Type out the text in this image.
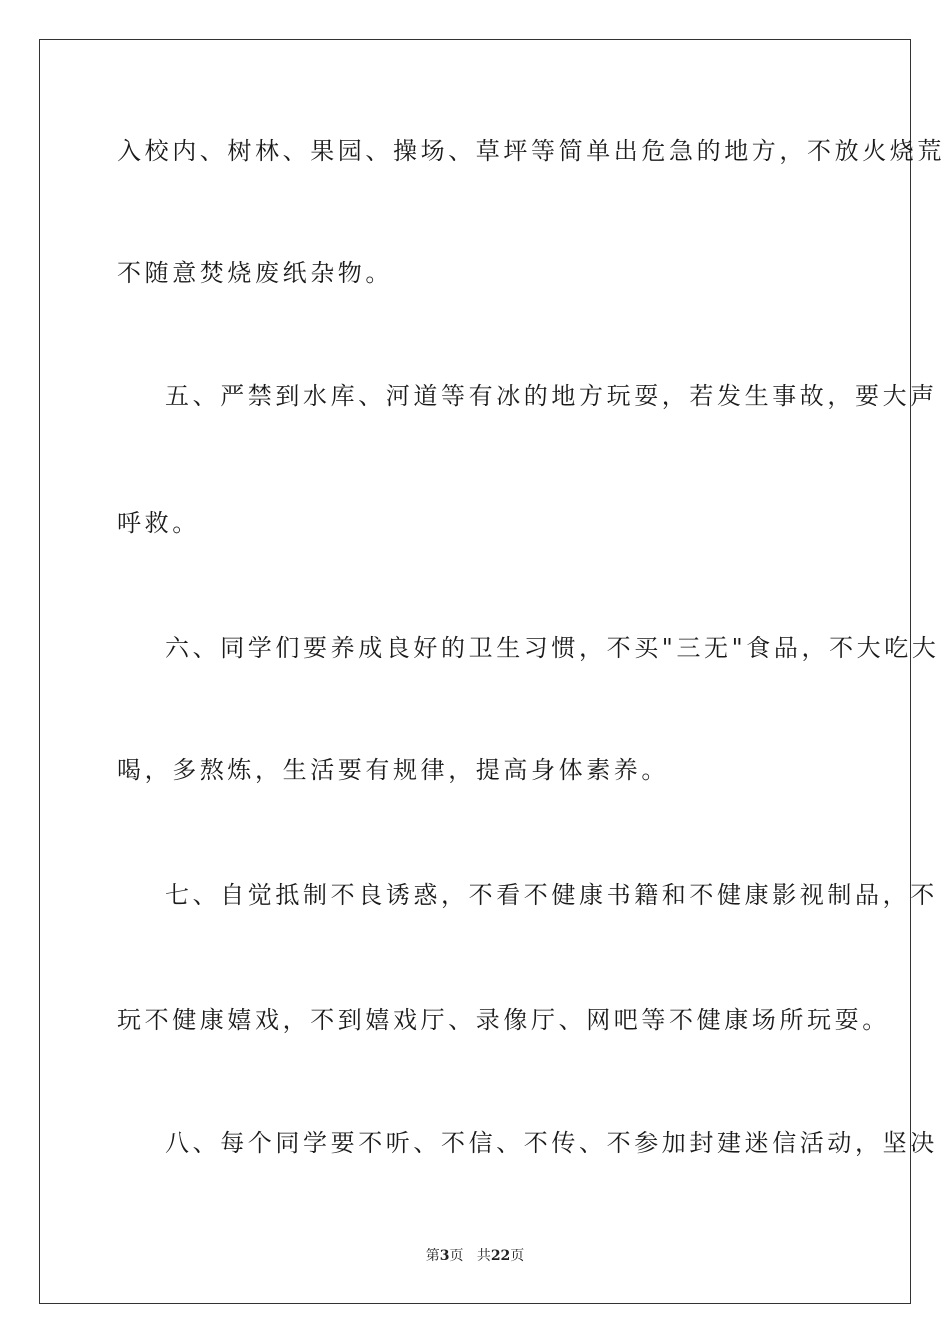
入校内、树林、果园、操场、草坪等简单出危急的地方，不放火烧荒
不随意焚烧废纸杂物。
五、严禁到水库、河道等有冰的地方玩耍，若发生事故，要大声
呼救。
六、同学们要养成良好的卫生习惯，不买"三无"食品，不大吃大
喝，多熬炼，生活要有规律，提高身体素养。
七、自觉抵制不良诱惑，不看不健康书籍和不健康影视制品，不
玩不健康嬉戏，不到嬉戏厅、录像厅、网吧等不健康场所玩耍。
八、每个同学要不听、不信、不传、不参加封建迷信活动，坚决
第3页 共22页
